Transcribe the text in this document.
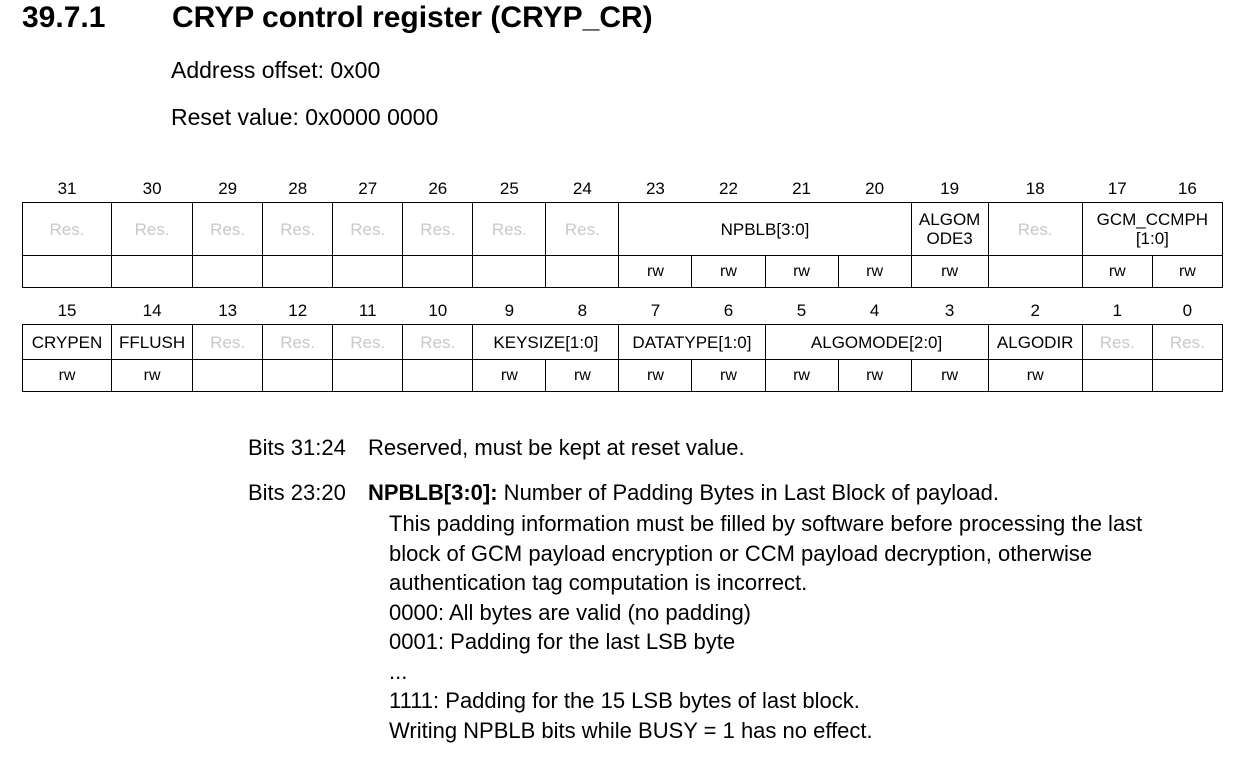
39.7.1 CRYP control register (CRYP_CR)
Address offset: 0x00
Reset value: 0x0000 0000
31	30	29	28	27	26	25	24	23	22	21	20	19	18	17	16
Res.	Res.	Res.	Res.	Res.	Res.	Res.	Res.	NPBLB[3:0]				ALGOM ODE3	Res.	GCM_CCMPH [1:0]	
								rw	rw	rw	rw	rw		rw	rw
15	14	13	12	11	10	9	8	7	6	5	4	3	2	1	0
CRYPEN	FFLUSH	Res.	Res.	Res.	Res.	KEYSIZE[1:0]		DATATYPE[1:0]		ALGOMODE[2:0]			ALGODIR	Res.	Res.
rw	rw					rw	rw	rw	rw	rw	rw	rw	rw		
Bits 31:24	Reserved, must be kept at reset value.
Bits 23:20	NPBLB[3:0]: Number of Padding Bytes in Last Block of payload.
This padding information must be filled by software before processing the last
block of GCM payload encryption or CCM payload decryption, otherwise
authentication tag computation is incorrect.
0000: All bytes are valid (no padding)
0001: Padding for the last LSB byte
...
1111: Padding for the 15 LSB bytes of last block.
Writing NPBLB bits while BUSY = 1 has no effect.
